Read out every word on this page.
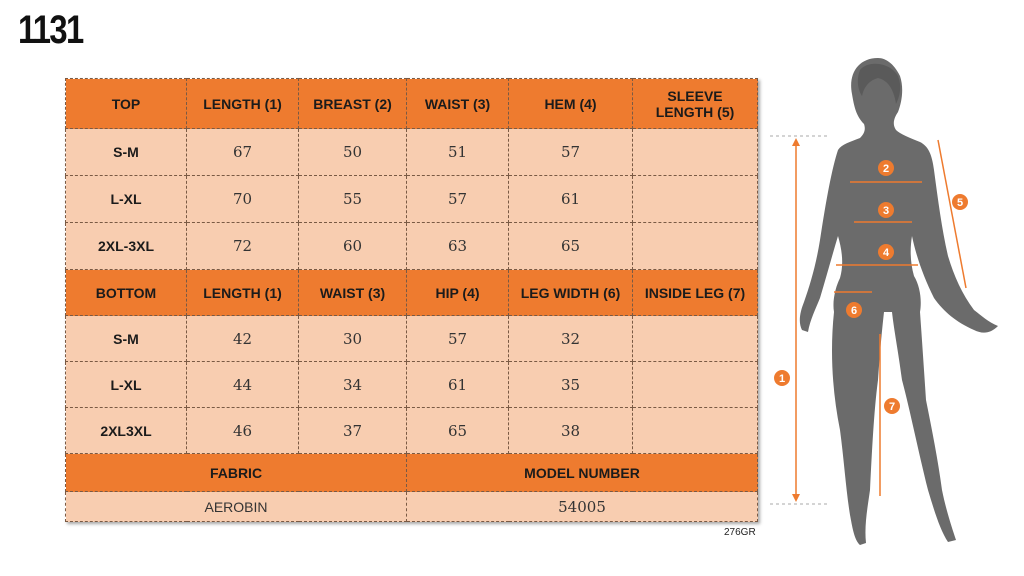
1131
TOP	LENGTH (1)	BREAST (2)	WAIST (3)	HEM (4)	SLEEVE
LENGTH (5)
S-M	67	50	51	57	
L-XL	70	55	57	61	
2XL-3XL	72	60	63	65	
BOTTOM	LENGTH (1)	WAIST (3)	HIP (4)	LEG WIDTH (6)	INSIDE LEG (7)
S-M	42	30	57	32	
L-XL	44	34	61	35	
2XL3XL	46	37	65	38	
FABRIC			MODEL NUMBER		
AEROBIN			54005		
276GR
1
2
3
4
5
6
7
